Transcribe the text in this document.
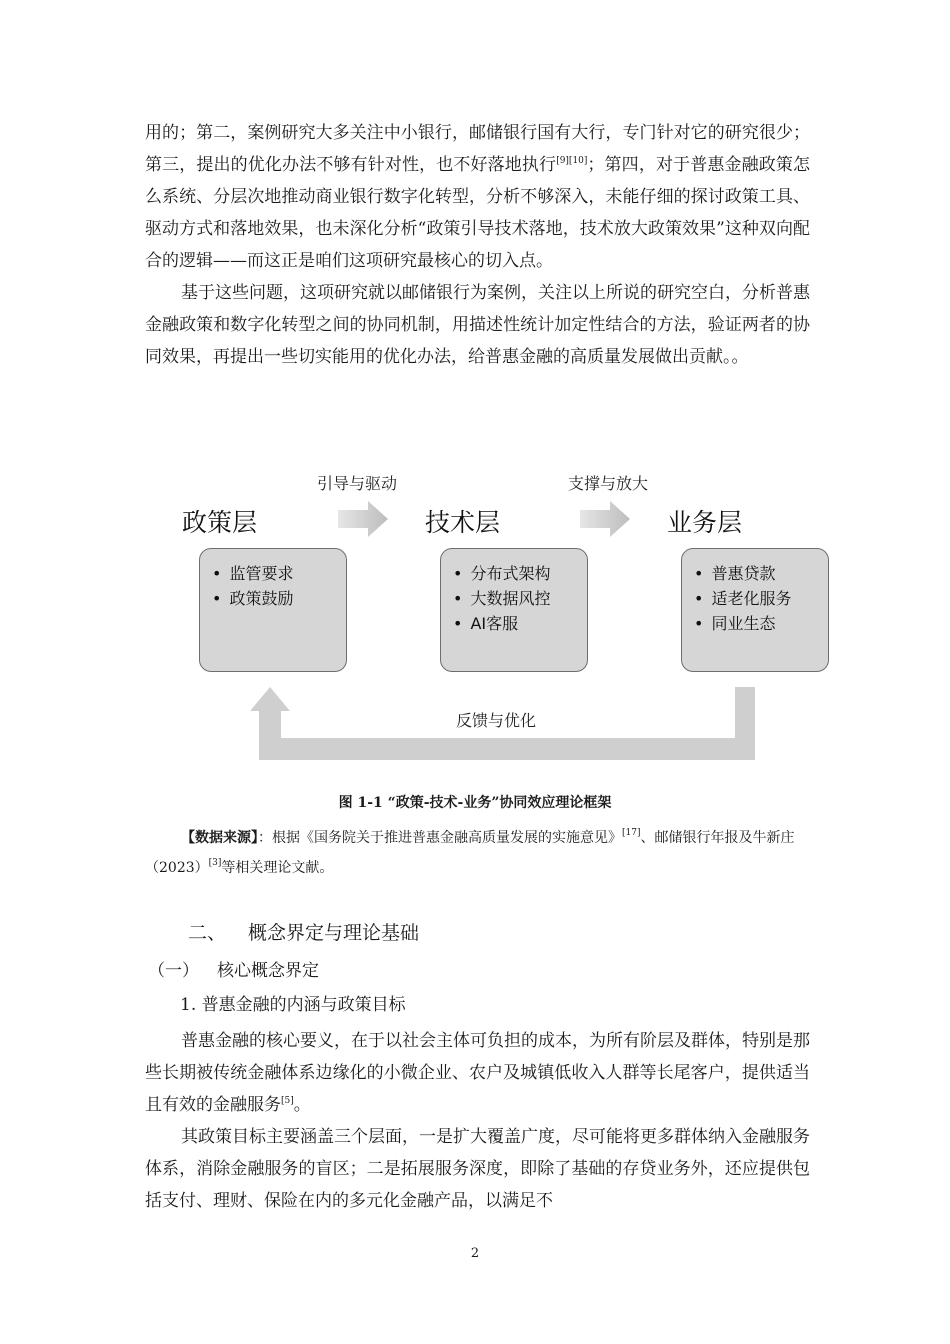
用的；第二，案例研究大多关注中小银行，邮储银行国有大行，专门针对它的研究很少；第三，提出的优化办法不够有针对性，也不好落地执行[9][10]；第四，对于普惠金融政策怎么系统、分层次地推动商业银行数字化转型，分析不够深入，未能仔细的探讨政策工具、驱动方式和落地效果，也未深化分析“政策引导技术落地，技术放大政策效果”这种双向配合的逻辑——而这正是咱们这项研究最核心的切入点。

基于这些问题，这项研究就以邮储银行为案例，关注以上所说的研究空白，分析普惠金融政策和数字化转型之间的协同机制，用描述性统计加定性结合的方法，验证两者的协同效果，再提出一些切实能用的优化办法，给普惠金融的高质量发展做出贡献。。

引导与驱动	支撑与放大
政策层	技术层	业务层
• 监管要求
• 政策鼓励
• 分布式架构
• 大数据风控
• AI客服
• 普惠贷款
• 适老化服务
• 同业生态
反馈与优化
图 1-1 “政策-技术-业务”协同效应理论框架

【数据来源】：根据《国务院关于推进普惠金融高质量发展的实施意见》[17]、邮储银行年报及牛新庄（2023）[3]等相关理论文献。

二、 概念界定与理论基础
（一） 核心概念界定
1. 普惠金融的内涵与政策目标

普惠金融的核心要义，在于以社会主体可负担的成本，为所有阶层及群体，特别是那些长期被传统金融体系边缘化的小微企业、农户及城镇低收入人群等长尾客户，提供适当且有效的金融服务[5]。

其政策目标主要涵盖三个层面，一是扩大覆盖广度，尽可能将更多群体纳入金融服务体系，消除金融服务的盲区；二是拓展服务深度，即除了基础的存贷业务外，还应提供包括支付、理财、保险在内的多元化金融产品，以满足不

2
